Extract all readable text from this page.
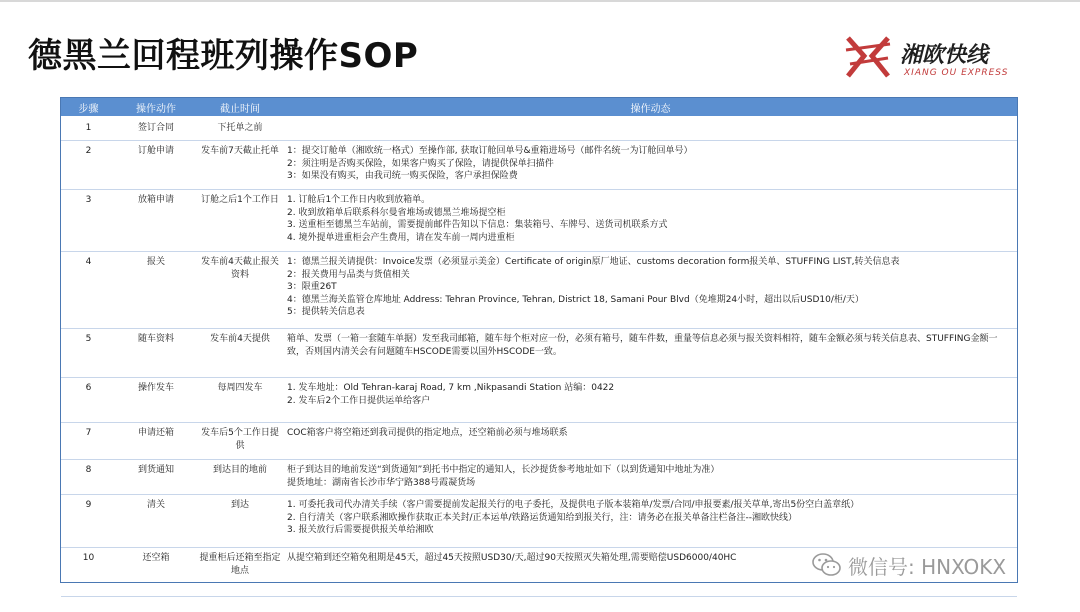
德黑兰回程班列操作SOP	湘欧快线
XIANG OU EXPRESS
步骤	操作动作	截止时间	操作动态
1	签订合同	下托单之前	
2	订舱申请	发车前7天截止托单	1：提交订舱单（湘欧统一格式）至操作部, 获取订舱回单号&重箱进场号（邮件名统一为订舱回单号）
2：须注明是否购买保险，如果客户购买了保险，请提供保单扫描件
3：如果没有购买，由我司统一购买保险，客户承担保险费

3	放箱申请	订舱之后1个工作日	1. 订舱后1个工作日内收到放箱单。
2. 收到放箱单后联系科尔曼省堆场或德黑兰堆场提空柜
3. 送重柜至德黑兰车站前，需要提前邮件告知以下信息：集装箱号、车牌号、送货司机联系方式
4. 境外提单进重柜会产生费用，请在发车前一周内进重柜

4	报关	发车前4天截止报关资料	1：德黑兰报关请提供：Invoice发票（必须显示美金）Certificate of origin原厂地证、customs decoration form报关单、STUFFING LIST,转关信息表
2：报关费用与品类与货值相关
3：限重26T
4：德黑兰海关监管仓库地址 Address: Tehran Province, Tehran, District 18, Samani Pour Blvd（免堆期24小时，超出以后USD10/柜/天）
5：提供转关信息表

5	随车资料	发车前4天提供	箱单、发票（一箱一套随车单据）发至我司邮箱，随车每个柜对应一份，必须有箱号，随车件数，重量等信息必须与报关资料相符，随车金额必须与转关信息表、STUFFING金额一致，否则国内清关会有问题随车HSCODE需要以国外HSCODE一致。

6	操作发车	每周四发车	1. 发车地址：Old Tehran-karaj Road, 7 km ,Nikpasandi Station 站编：0422
2. 发车后2个工作日提供运单给客户

7	申请还箱	发车后5个工作日提供	COC箱客户将空箱还到我司提供的指定地点，还空箱前必须与堆场联系

8	到货通知	到达目的地前	柜子到达目的地前发送“到货通知”到托书中指定的通知人，长沙提货参考地址如下（以到货通知中地址为准）
提货地址：湖南省长沙市华宁路388号霞凝货场

9	清关	到达	1. 可委托我司代办清关手续（客户需要提前发起报关行的电子委托，及提供电子版本装箱单/发票/合同/申报要素/报关草单,寄出5份空白盖章纸）
2. 自行清关（客户联系湘欧操作获取正本关封/正本运单/铁路运货通知给到报关行，注：请务必在报关单备注栏备注--湘欧快线）
3. 报关放行后需要提供报关单给湘欧

10	还空箱	提重柜后还箱至指定地点	从提空箱到还空箱免租期是45天，超过45天按照USD30/天,超过90天按照灭失箱处理,需要赔偿USD6000/40HC	微信号: HNXOKX
